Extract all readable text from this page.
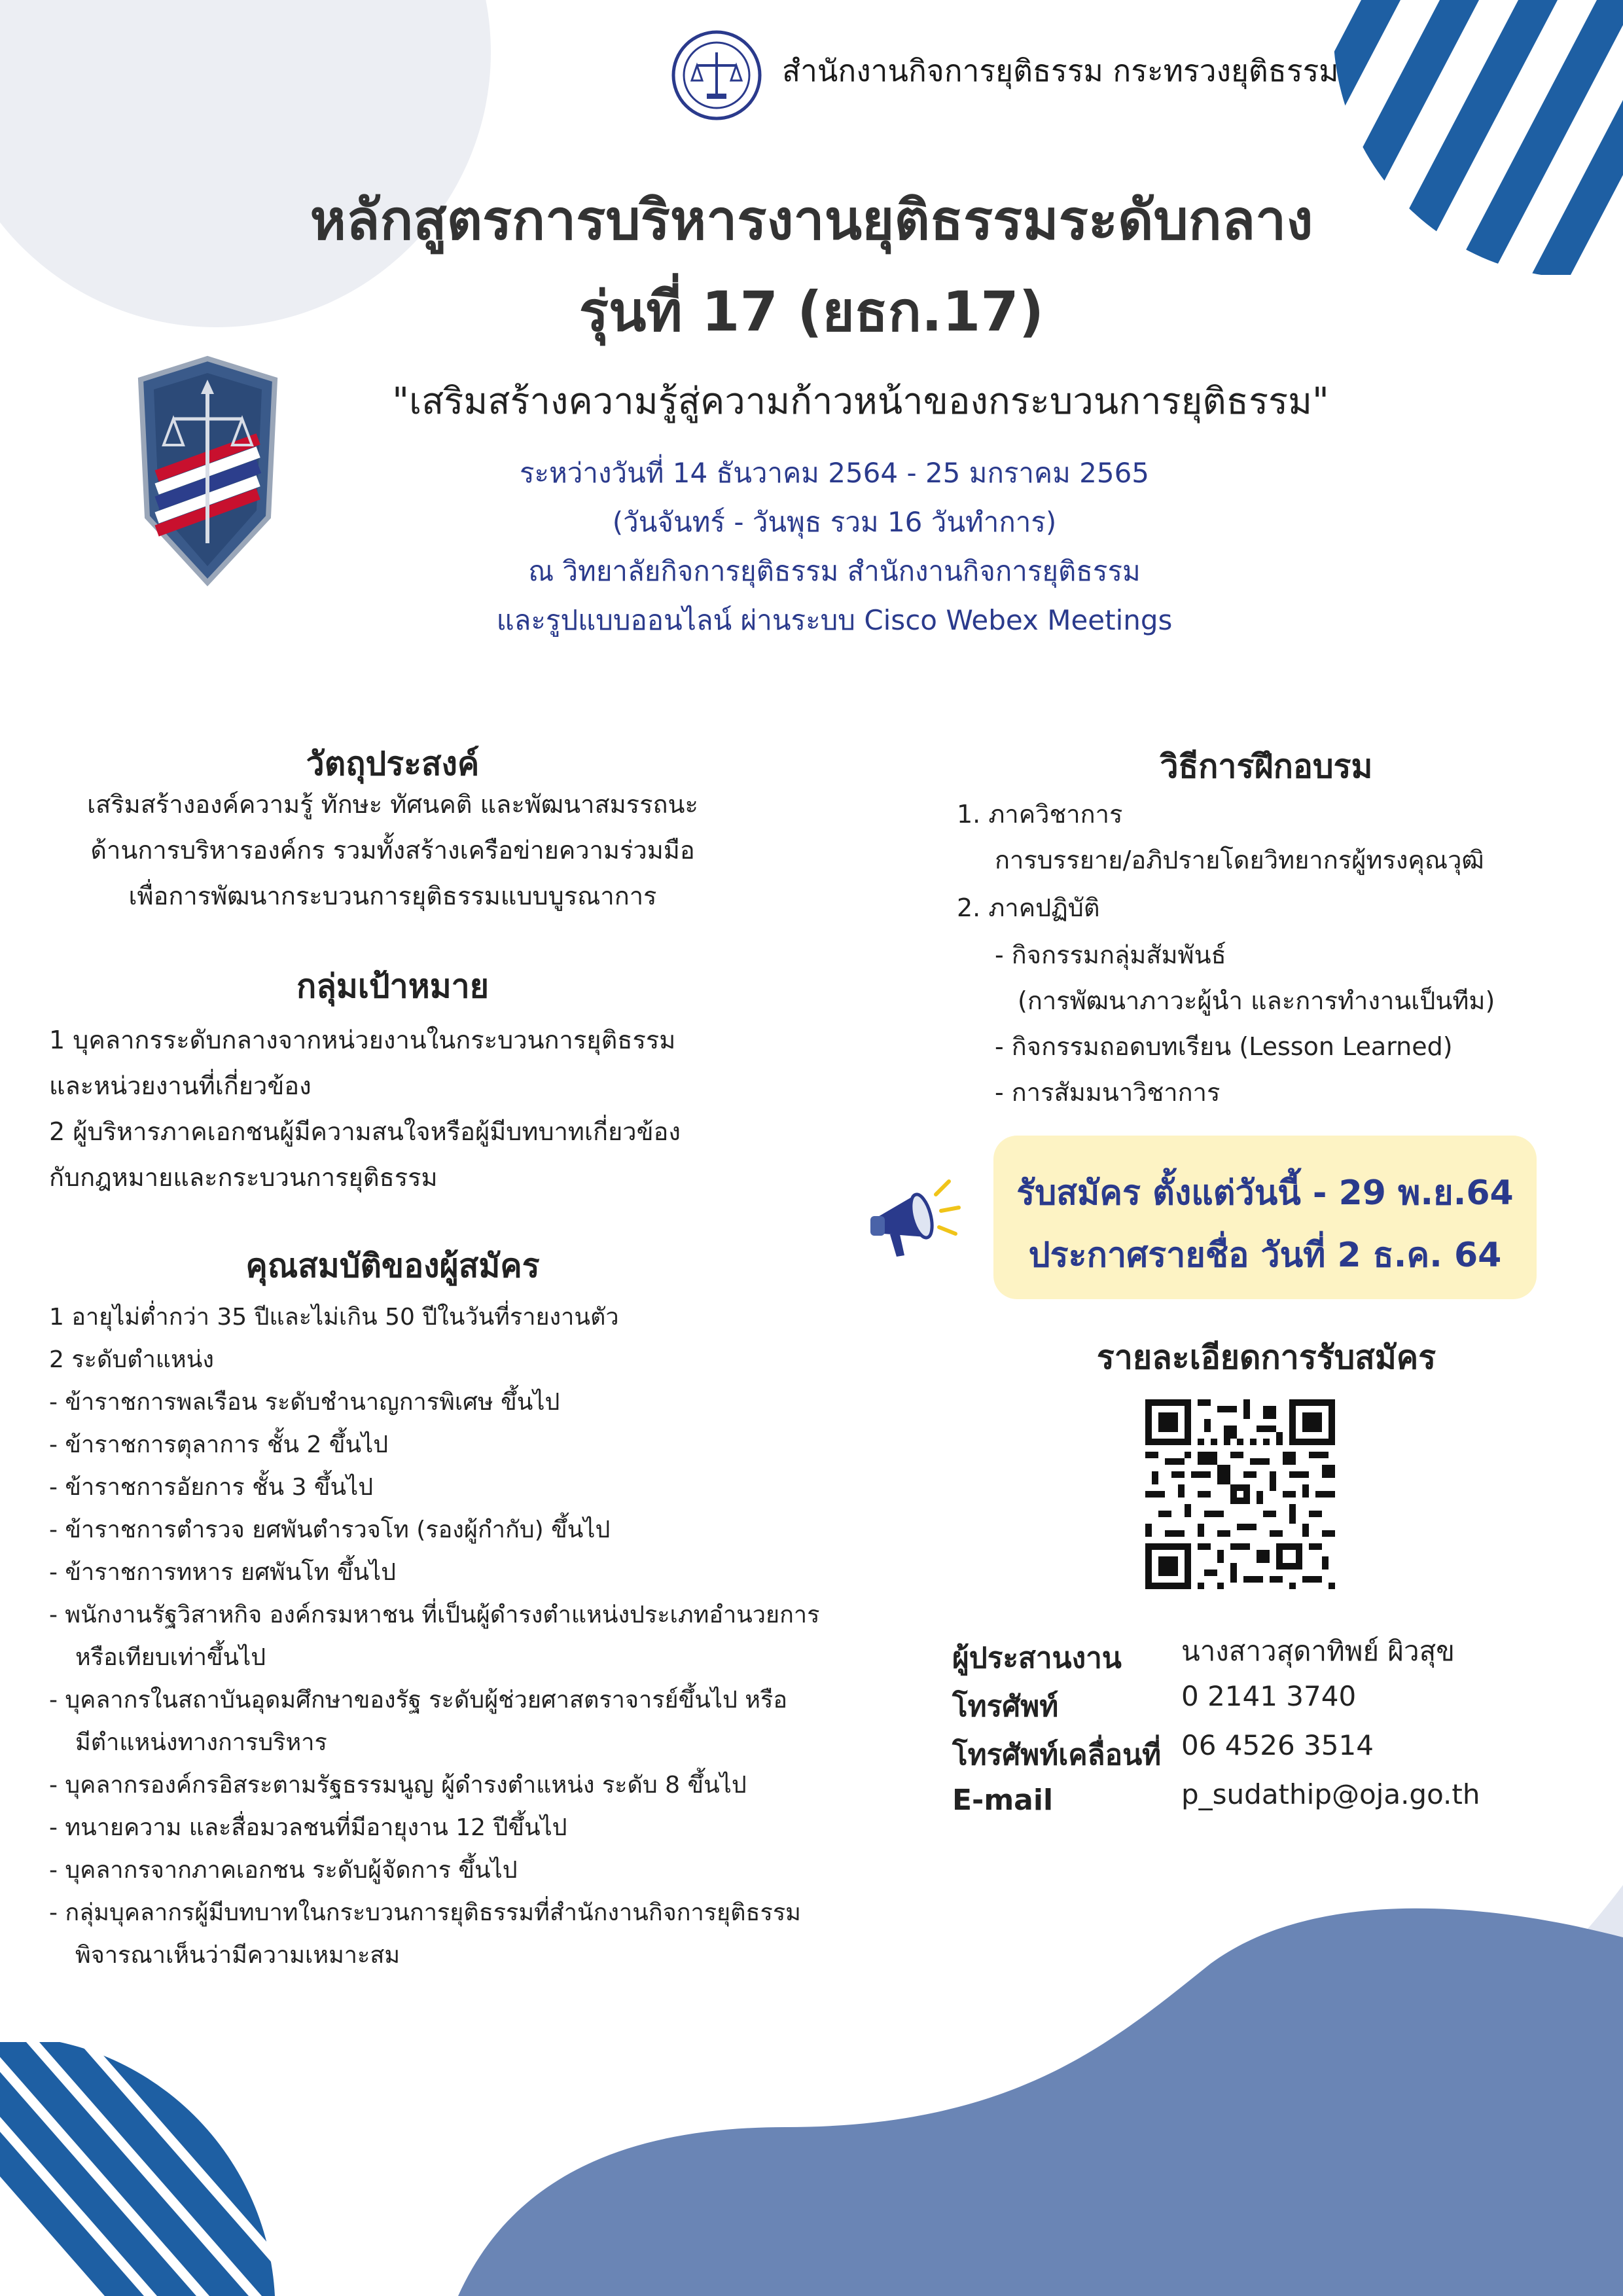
สำนักงานกิจการยุติธรรม กระทรวงยุติธรรม
หลักสูตรการบริหารงานยุติธรรมระดับกลาง
รุ่นที่ 17 (ยธก.17)
"เสริมสร้างความรู้สู่ความก้าวหน้าของกระบวนการยุติธรรม"
ระหว่างวันที่ 14 ธันวาคม 2564 - 25 มกราคม 2565
(วันจันทร์ - วันพุธ รวม 16 วันทำการ)
ณ วิทยาลัยกิจการยุติธรรม สำนักงานกิจการยุติธรรม
และรูปแบบออนไลน์ ผ่านระบบ Cisco Webex Meetings
วัตถุประสงค์
เสริมสร้างองค์ความรู้ ทักษะ ทัศนคติ และพัฒนาสมรรถนะ
ด้านการบริหารองค์กร รวมทั้งสร้างเครือข่ายความร่วมมือ
เพื่อการพัฒนากระบวนการยุติธรรมแบบบูรณาการ
กลุ่มเป้าหมาย
1 บุคลากรระดับกลางจากหน่วยงานในกระบวนการยุติธรรม
และหน่วยงานที่เกี่ยวข้อง
2 ผู้บริหารภาคเอกชนผู้มีความสนใจหรือผู้มีบทบาทเกี่ยวข้อง
กับกฎหมายและกระบวนการยุติธรรม
คุณสมบัติของผู้สมัคร
1 อายุไม่ต่ำกว่า 35 ปีและไม่เกิน 50 ปีในวันที่รายงานตัว
2 ระดับตำแหน่ง
- ข้าราชการพลเรือน ระดับชำนาญการพิเศษ ขึ้นไป
- ข้าราชการตุลาการ ชั้น 2 ขึ้นไป
- ข้าราชการอัยการ ชั้น 3 ขึ้นไป
- ข้าราชการตำรวจ ยศพันตำรวจโท (รองผู้กำกับ) ขึ้นไป
- ข้าราชการทหาร ยศพันโท ขึ้นไป
- พนักงานรัฐวิสาหกิจ องค์กรมหาชน ที่เป็นผู้ดำรงตำแหน่งประเภทอำนวยการ
หรือเทียบเท่าขึ้นไป
- บุคลากรในสถาบันอุดมศึกษาของรัฐ ระดับผู้ช่วยศาสตราจารย์ขึ้นไป หรือ
มีตำแหน่งทางการบริหาร
- บุคลากรองค์กรอิสระตามรัฐธรรมนูญ ผู้ดำรงตำแหน่ง ระดับ 8 ขึ้นไป
- ทนายความ และสื่อมวลชนที่มีอายุงาน 12 ปีขึ้นไป
- บุคลากรจากภาคเอกชน ระดับผู้จัดการ ขึ้นไป
- กลุ่มบุคลากรผู้มีบทบาทในกระบวนการยุติธรรมที่สำนักงานกิจการยุติธรรม
พิจารณาเห็นว่ามีความเหมาะสม
วิธีการฝึกอบรม
1. ภาควิชาการ
การบรรยาย/อภิปรายโดยวิทยากรผู้ทรงคุณวุฒิ
2. ภาคปฏิบัติ
- กิจกรรมกลุ่มสัมพันธ์
(การพัฒนาภาวะผู้นำ และการทำงานเป็นทีม)
- กิจกรรมถอดบทเรียน (Lesson Learned)
- การสัมมนาวิชาการ
รับสมัคร ตั้งแต่วันนี้ - 29 พ.ย.64
ประกาศรายชื่อ วันที่ 2 ธ.ค. 64
รายละเอียดการรับสมัคร
ผู้ประสานงาน นางสาวสุดาทิพย์ ผิวสุข
โทรศัพท์	0 2141 3740
โทรศัพท์เคลื่อนที่ 06 4526 3514
E-mail	p_sudathip@oja.go.th
